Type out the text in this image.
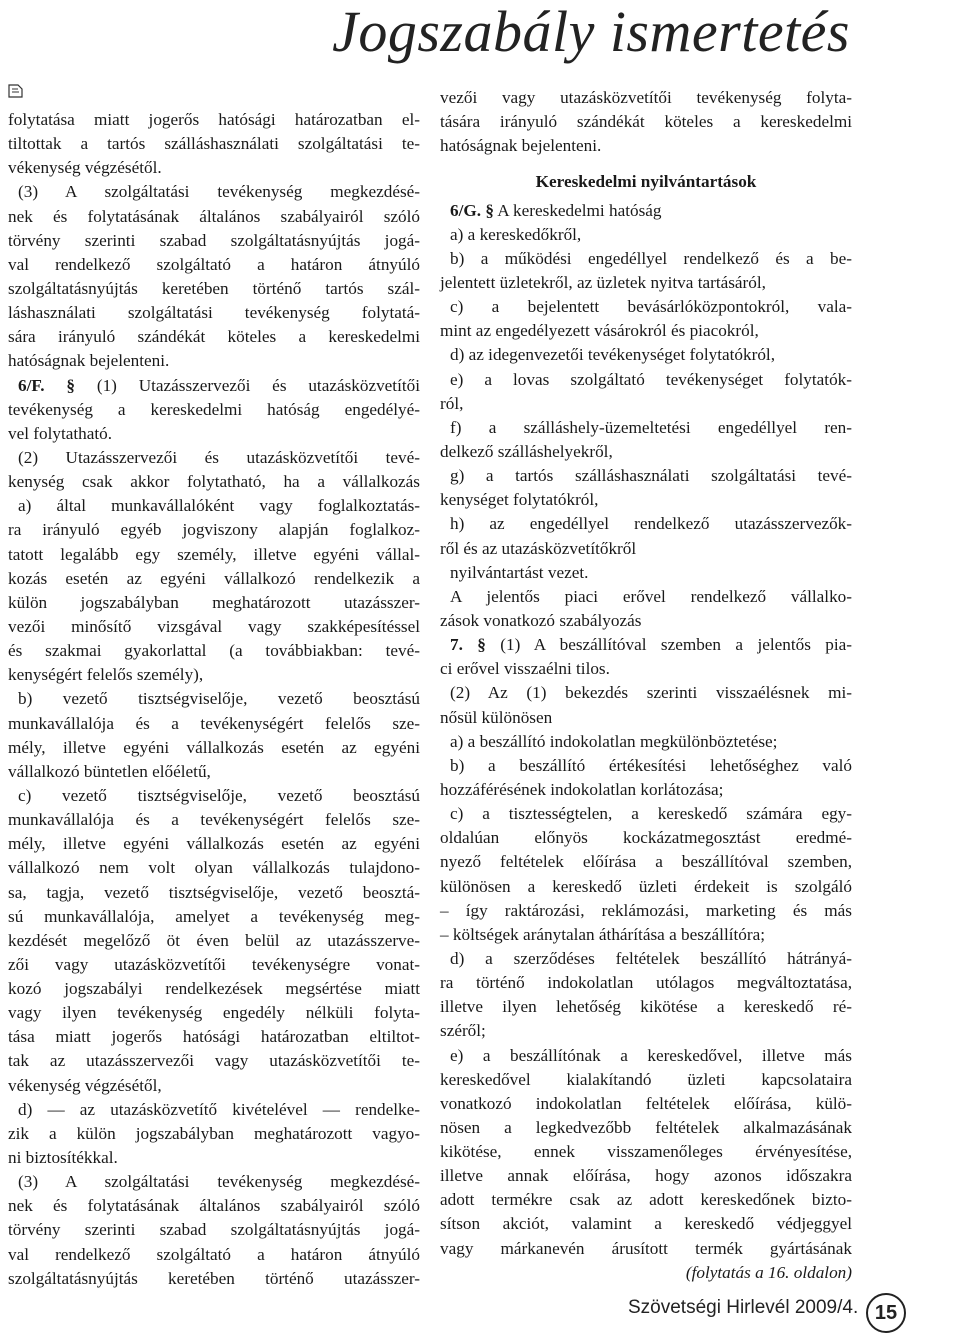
Jogszabály ismertetés
folytatása miatt jogerős hatósági határozatban el-
tiltottak a tartós szálláshasználati szolgáltatási te-
vékenység végzésétől.
(3) A szolgáltatási tevékenység megkezdésé-
nek és folytatásának általános szabályairól szóló
törvény szerinti szabad szolgáltatásnyújtás jogá-
val rendelkező szolgáltató a határon átnyúló
szolgáltatásnyújtás keretében történő tartós szál-
láshasználati szolgáltatási tevékenység folytatá-
sára irányuló szándékát köteles a kereskedelmi
hatóságnak bejelenteni.
6/F. § (1) Utazásszervezői és utazásközvetítői
tevékenység a kereskedelmi hatóság engedélyé-
vel folytatható.
(2) Utazásszervezői és utazásközvetítői tevé-
kenység csak akkor folytatható, ha a vállalkozás
a) által munkavállalóként vagy foglalkoztatás-
ra irányuló egyéb jogviszony alapján foglalkoz-
tatott legalább egy személy, illetve egyéni vállal-
kozás esetén az egyéni vállalkozó rendelkezik a
külön jogszabályban meghatározott utazásszer-
vezői minősítő vizsgával vagy szakképesítéssel
és szakmai gyakorlattal (a továbbiakban: tevé-
kenységért felelős személy),
b) vezető tisztségviselője, vezető beosztású
munkavállalója és a tevékenységért felelős sze-
mély, illetve egyéni vállalkozás esetén az egyéni
vállalkozó büntetlen előéletű,
c) vezető tisztségviselője, vezető beosztású
munkavállalója és a tevékenységért felelős sze-
mély, illetve egyéni vállalkozás esetén az egyéni
vállalkozó nem volt olyan vállalkozás tulajdono-
sa, tagja, vezető tisztségviselője, vezető beosztá-
sú munkavállalója, amelyet a tevékenység meg-
kezdését megelőző öt éven belül az utazásszerve-
zői vagy utazásközvetítői tevékenységre vonat-
kozó jogszabályi rendelkezések megsértése miatt
vagy ilyen tevékenység engedély nélküli folyta-
tása miatt jogerős hatósági határozatban eltiltot-
tak az utazásszervezői vagy utazásközvetítői te-
vékenység végzésétől,
d) — az utazásközvetítő kivételével — rendelke-
zik a külön jogszabályban meghatározott vagyo-
ni biztosítékkal.
(3) A szolgáltatási tevékenység megkezdésé-
nek és folytatásának általános szabályairól szóló
törvény szerinti szabad szolgáltatásnyújtás jogá-
val rendelkező szolgáltató a határon átnyúló
szolgáltatásnyújtás keretében történő utazásszer-
vezői vagy utazásközvetítői tevékenység folyta-
tására irányuló szándékát köteles a kereskedelmi
hatóságnak bejelenteni.
Kereskedelmi nyilvántartások
6/G. § A kereskedelmi hatóság
a) a kereskedőkről,
b) a működési engedéllyel rendelkező és a be-
jelentett üzletekről, az üzletek nyitva tartásáról,
c) a bejelentett bevásárlóközpontokról, vala-
mint az engedélyezett vásárokról és piacokról,
d) az idegenvezetői tevékenységet folytatókról,
e) a lovas szolgáltató tevékenységet folytatók-
ról,
f) a szálláshely-üzemeltetési engedéllyel ren-
delkező szálláshelyekről,
g) a tartós szálláshasználati szolgáltatási tevé-
kenységet folytatókról,
h) az engedéllyel rendelkező utazásszervezők-
ről és az utazásközvetítőkről
nyilvántartást vezet.
A jelentős piaci erővel rendelkező vállalko-
zások vonatkozó szabályozás
7. § (1) A beszállítóval szemben a jelentős pia-
ci erővel visszaélni tilos.
(2) Az (1) bekezdés szerinti visszaélésnek mi-
nősül különösen
a) a beszállító indokolatlan megkülönböztetése;
b) a beszállító értékesítési lehetőséghez való
hozzáférésének indokolatlan korlátozása;
c) a tisztességtelen, a kereskedő számára egy-
oldalúan előnyös kockázatmegosztást eredmé-
nyező feltételek előírása a beszállítóval szemben,
különösen a kereskedő üzleti érdekeit is szolgáló
– így raktározási, reklámozási, marketing és más
– költségek aránytalan áthárítása a beszállítóra;
d) a szerződéses feltételek beszállító hátrányá-
ra történő indokolatlan utólagos megváltoztatása,
illetve ilyen lehetőség kikötése a kereskedő ré-
széről;
e) a beszállítónak a kereskedővel, illetve más
kereskedővel kialakítandó üzleti kapcsolataira
vonatkozó indokolatlan feltételek előírása, külö-
nösen a legkedvezőbb feltételek alkalmazásának
kikötése, ennek visszamenőleges érvényesítése,
illetve annak előírása, hogy azonos időszakra
adott termékre csak az adott kereskedőnek bizto-
sítson akciót, valamint a kereskedő védjeggyel
vagy márkanevén árusított termék gyártásának
(folytatás a 16. oldalon)
Szövetségi Hirlevél 2009/4. 15
